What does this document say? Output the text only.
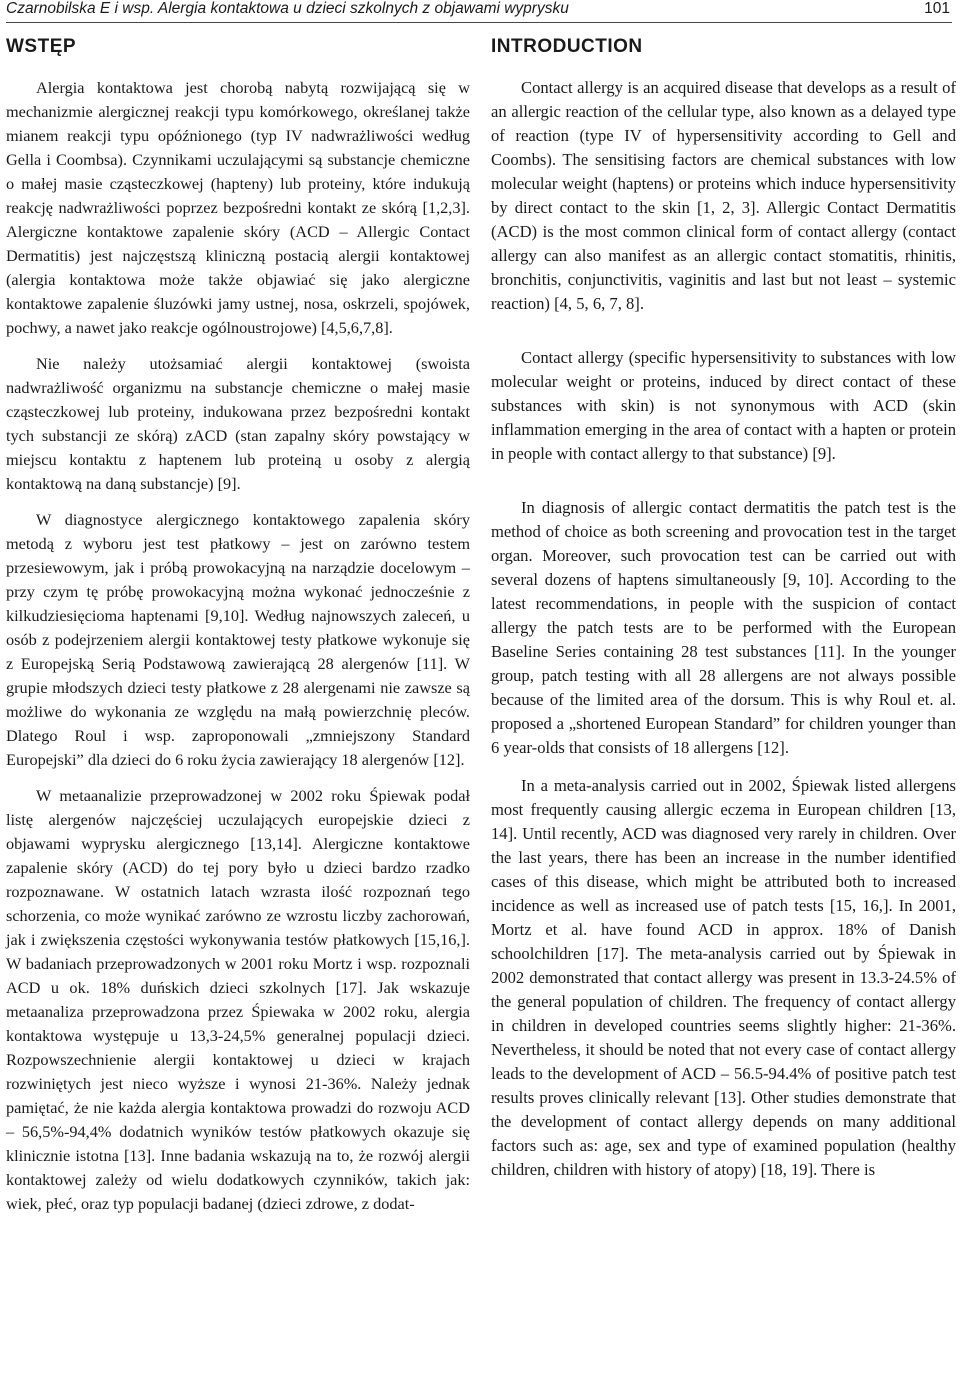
Czarnobilska E i wsp. Alergia kontaktowa u dzieci szkolnych z objawami wyprysku	101
WSTĘP

Alergia kontaktowa jest chorobą nabytą rozwijającą się w mechanizmie alergicznej reakcji typu komórkowego, określanej także mianem reakcji typu opóźnionego (typ IV nadwrażliwości według Gella i Coombsa). Czynnikami uczulającymi są substancje chemiczne o małej masie cząsteczkowej (hapteny) lub proteiny, które indukują reakcję nadwrażliwości poprzez bezpośredni kontakt ze skórą [1,2,3]. Alergiczne kontaktowe zapalenie skóry (ACD – Allergic Contact Dermatitis) jest najczęstszą kliniczną postacią alergii kontaktowej (alergia kontaktowa może także objawiać się jako alergiczne kontaktowe zapalenie śluzówki jamy ustnej, nosa, oskrzeli, spojówek, pochwy, a nawet jako reakcje ogólnoustrojowe) [4,5,6,7,8].

Nie należy utożsamiać alergii kontaktowej (swoista nadwrażliwość organizmu na substancje chemiczne o małej masie cząsteczkowej lub proteiny, indukowana przez bezpośredni kontakt tych substancji ze skórą) zACD (stan zapalny skóry powstający w miejscu kontaktu z haptenem lub proteiną u osoby z alergią kontaktową na daną substancje) [9].

W diagnostyce alergicznego kontaktowego zapalenia skóry metodą z wyboru jest test płatkowy – jest on zarówno testem przesiewowym, jak i próbą prowokacyjną na narządzie docelowym – przy czym tę próbę prowokacyjną można wykonać jednocześnie z kilkudziesięcioma haptenami [9,10]. Według najnowszych zaleceń, u osób z podejrzeniem alergii kontaktowej testy płatkowe wykonuje się z Europejską Serią Podstawową zawierającą 28 alergenów [11]. W grupie młodszych dzieci testy płatkowe z 28 alergenami nie zawsze są możliwe do wykonania ze względu na małą powierzchnię pleców. Dlatego Roul i wsp. zaproponowali „zmniejszony Standard Europejski” dla dzieci do 6 roku życia zawierający 18 alergenów [12].

W metaanalizie przeprowadzonej w 2002 roku Śpiewak podał listę alergenów najczęściej uczulających europejskie dzieci z objawami wyprysku alergicznego [13,14]. Alergiczne kontaktowe zapalenie skóry (ACD) do tej pory było u dzieci bardzo rzadko rozpoznawane. W ostatnich latach wzrasta ilość rozpoznań tego schorzenia, co może wynikać zarówno ze wzrostu liczby zachorowań, jak i zwiększenia częstości wykonywania testów płatkowych [15,16,]. W badaniach przeprowadzonych w 2001 roku Mortz i wsp. rozpoznali ACD u ok. 18% duńskich dzieci szkolnych [17]. Jak wskazuje metaanaliza przeprowadzona przez Śpiewaka w 2002 roku, alergia kontaktowa występuje u 13,3-24,5% generalnej populacji dzieci. Rozpowszechnienie alergii kontaktowej u dzieci w krajach rozwiniętych jest nieco wyższe i wynosi 21-36%. Należy jednak pamiętać, że nie każda alergia kontaktowa prowadzi do rozwoju ACD – 56,5%-94,4% dodatnich wyników testów płatkowych okazuje się klinicznie istotna [13]. Inne badania wskazują na to, że rozwój alergii kontaktowej zależy od wielu dodatkowych czynników, takich jak: wiek, płeć, oraz typ populacji badanej (dzieci zdrowe, z dodat-

INTRODUCTION

Contact allergy is an acquired disease that develops as a result of an allergic reaction of the cellular type, also known as a delayed type of reaction (type IV of hypersensitivity according to Gell and Coombs). The sensitising factors are chemical substances with low molecular weight (haptens) or proteins which induce hypersensitivity by direct contact to the skin [1, 2, 3]. Allergic Contact Dermatitis (ACD) is the most common clinical form of contact allergy (contact allergy can also manifest as an allergic contact stomatitis, rhinitis, bronchitis, conjunctivitis, vaginitis and last but not least – systemic reaction) [4, 5, 6, 7, 8].

Contact allergy (specific hypersensitivity to substances with low molecular weight or proteins, induced by direct contact of these substances with skin) is not synonymous with ACD (skin inflammation emerging in the area of contact with a hapten or protein in people with contact allergy to that substance) [9].

In diagnosis of allergic contact dermatitis the patch test is the method of choice as both screening and provocation test in the target organ. Moreover, such provocation test can be carried out with several dozens of haptens simultaneously [9, 10]. According to the latest recommendations, in people with the suspicion of contact allergy the patch tests are to be performed with the European Baseline Series containing 28 test substances [11]. In the younger group, patch testing with all 28 allergens are not always possible because of the limited area of the dorsum. This is why Roul et. al. proposed a „shortened European Standard” for children younger than 6 year-olds that consists of 18 allergens [12].

In a meta-analysis carried out in 2002, Śpiewak listed allergens most frequently causing allergic eczema in European children [13, 14]. Until recently, ACD was diagnosed very rarely in children. Over the last years, there has been an increase in the number identified cases of this disease, which might be attributed both to increased incidence as well as increased use of patch tests [15, 16,]. In 2001, Mortz et al. have found ACD in approx. 18% of Danish schoolchildren [17]. The meta-analysis carried out by Śpiewak in 2002 demonstrated that contact allergy was present in 13.3-24.5% of the general population of children. The frequency of contact allergy in children in developed countries seems slightly higher: 21-36%. Nevertheless, it should be noted that not every case of contact allergy leads to the development of ACD – 56.5-94.4% of positive patch test results proves clinically relevant [13]. Other studies demonstrate that the development of contact allergy depends on many additional factors such as: age, sex and type of examined population (healthy children, children with history of atopy) [18, 19]. There is
